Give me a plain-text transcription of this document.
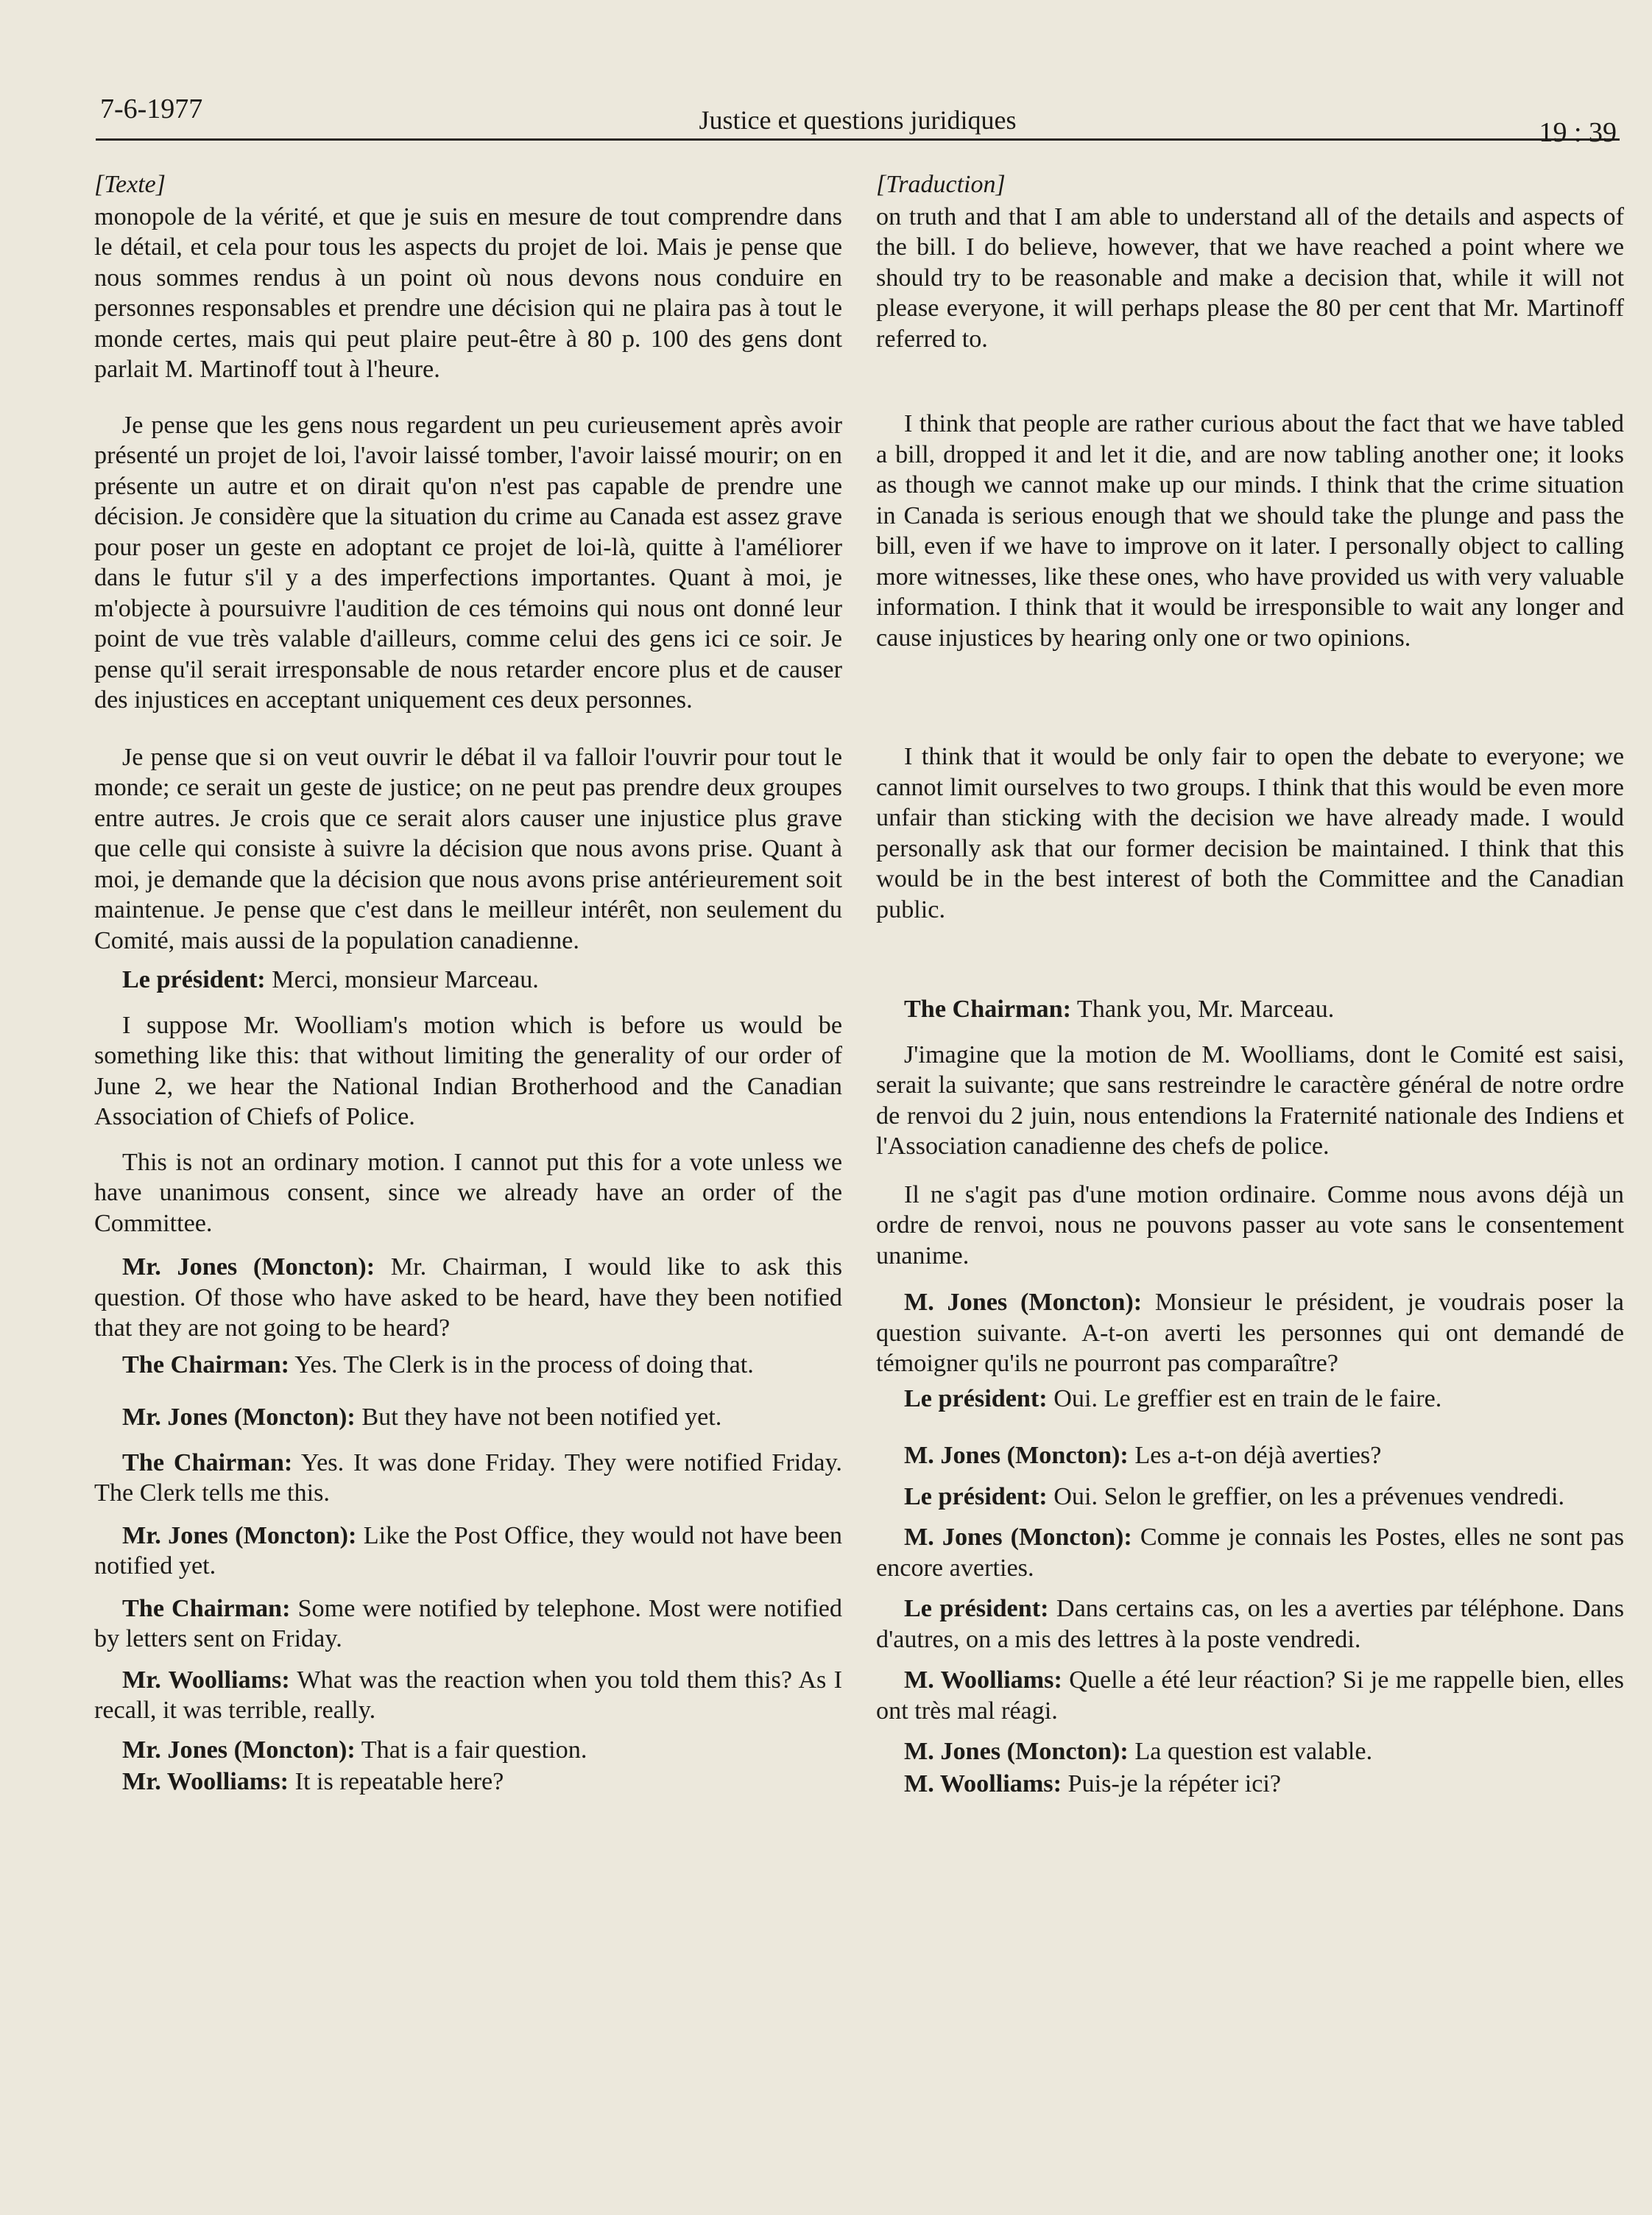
7-6-1977	Justice et questions juridiques	19 : 39
[Texte]

monopole de la vérité, et que je suis en mesure de tout comprendre dans le détail, et cela pour tous les aspects du projet de loi. Mais je pense que nous sommes rendus à un point où nous devons nous conduire en personnes responsables et prendre une décision qui ne plaira pas à tout le monde certes, mais qui peut plaire peut-être à 80 p. 100 des gens dont parlait M. Martinoff tout à l'heure.

Je pense que les gens nous regardent un peu curieusement après avoir présenté un projet de loi, l'avoir laissé tomber, l'avoir laissé mourir; on en présente un autre et on dirait qu'on n'est pas capable de prendre une décision. Je considère que la situation du crime au Canada est assez grave pour poser un geste en adoptant ce projet de loi-là, quitte à l'améliorer dans le futur s'il y a des imperfections importantes. Quant à moi, je m'objecte à poursuivre l'audition de ces témoins qui nous ont donné leur point de vue très valable d'ailleurs, comme celui des gens ici ce soir. Je pense qu'il serait irresponsable de nous retarder encore plus et de causer des injustices en acceptant uniquement ces deux personnes.

Je pense que si on veut ouvrir le débat il va falloir l'ouvrir pour tout le monde; ce serait un geste de justice; on ne peut pas prendre deux groupes entre autres. Je crois que ce serait alors causer une injustice plus grave que celle qui consiste à suivre la décision que nous avons prise. Quant à moi, je demande que la décision que nous avons prise antérieurement soit maintenue. Je pense que c'est dans le meilleur intérêt, non seulement du Comité, mais aussi de la population canadienne.

Le président: Merci, monsieur Marceau.

I suppose Mr. Woolliam's motion which is before us would be something like this: that without limiting the generality of our order of June 2, we hear the National Indian Brotherhood and the Canadian Association of Chiefs of Police.

This is not an ordinary motion. I cannot put this for a vote unless we have unanimous consent, since we already have an order of the Committee.

Mr. Jones (Moncton): Mr. Chairman, I would like to ask this question. Of those who have asked to be heard, have they been notified that they are not going to be heard?

The Chairman: Yes. The Clerk is in the process of doing that.

Mr. Jones (Moncton): But they have not been notified yet.

The Chairman: Yes. It was done Friday. They were notified Friday. The Clerk tells me this.

Mr. Jones (Moncton): Like the Post Office, they would not have been notified yet.

The Chairman: Some were notified by telephone. Most were notified by letters sent on Friday.

Mr. Woolliams: What was the reaction when you told them this? As I recall, it was terrible, really.

Mr. Jones (Moncton): That is a fair question.

Mr. Woolliams: It is repeatable here?

[Traduction]

on truth and that I am able to understand all of the details and aspects of the bill. I do believe, however, that we have reached a point where we should try to be reasonable and make a decision that, while it will not please everyone, it will perhaps please the 80 per cent that Mr. Martinoff referred to.

I think that people are rather curious about the fact that we have tabled a bill, dropped it and let it die, and are now tabling another one; it looks as though we cannot make up our minds. I think that the crime situation in Canada is serious enough that we should take the plunge and pass the bill, even if we have to improve on it later. I personally object to calling more witnesses, like these ones, who have provided us with very valuable information. I think that it would be irresponsible to wait any longer and cause injustices by hearing only one or two opinions.

I think that it would be only fair to open the debate to everyone; we cannot limit ourselves to two groups. I think that this would be even more unfair than sticking with the decision we have already made. I would personally ask that our former decision be maintained. I think that this would be in the best interest of both the Committee and the Canadian public.

The Chairman: Thank you, Mr. Marceau.

J'imagine que la motion de M. Woolliams, dont le Comité est saisi, serait la suivante; que sans restreindre le caractère général de notre ordre de renvoi du 2 juin, nous entendions la Fraternité nationale des Indiens et l'Association canadienne des chefs de police.

Il ne s'agit pas d'une motion ordinaire. Comme nous avons déjà un ordre de renvoi, nous ne pouvons passer au vote sans le consentement unanime.

M. Jones (Moncton): Monsieur le président, je voudrais poser la question suivante. A-t-on averti les personnes qui ont demandé de témoigner qu'ils ne pourront pas comparaître?

Le président: Oui. Le greffier est en train de le faire.

M. Jones (Moncton): Les a-t-on déjà averties?

Le président: Oui. Selon le greffier, on les a prévenues vendredi.

M. Jones (Moncton): Comme je connais les Postes, elles ne sont pas encore averties.

Le président: Dans certains cas, on les a averties par téléphone. Dans d'autres, on a mis des lettres à la poste vendredi.

M. Woolliams: Quelle a été leur réaction? Si je me rappelle bien, elles ont très mal réagi.

M. Jones (Moncton): La question est valable.

M. Woolliams: Puis-je la répéter ici?
